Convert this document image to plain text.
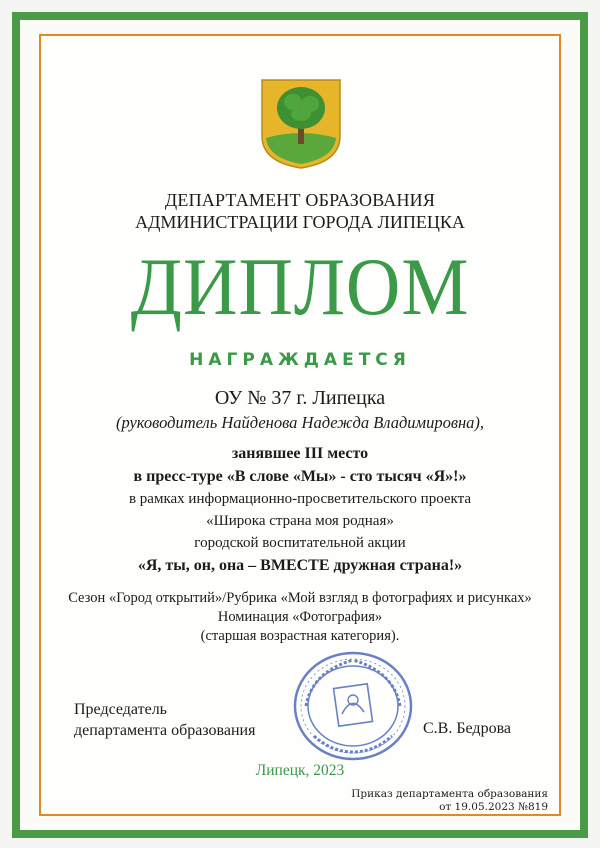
ДЕПАРТАМЕНТ ОБРАЗОВАНИЯ
АДМИНИСТРАЦИИ ГОРОДА ЛИПЕЦКА
ДИПЛОМ
НАГРАЖДАЕТСЯ
ОУ № 37 г. Липецка
(руководитель Найденова Надежда Владимировна),
занявшее III место
в пресс-туре «В слове «Мы» - сто тысяч «Я»!»
в рамках информационно-просветительского проекта
«Широка страна моя родная»
городской воспитательной акции
«Я, ты, он, она – ВМЕСТЕ дружная страна!»
Сезон «Город открытий»/Рубрика «Мой взгляд в фотографиях и рисунках»
Номинация «Фотография»
(старшая возрастная категория).
Председатель
департамента образования	С.В. Бедрова
Липецк, 2023
Приказ департамента образования
от 19.05.2023 №819
